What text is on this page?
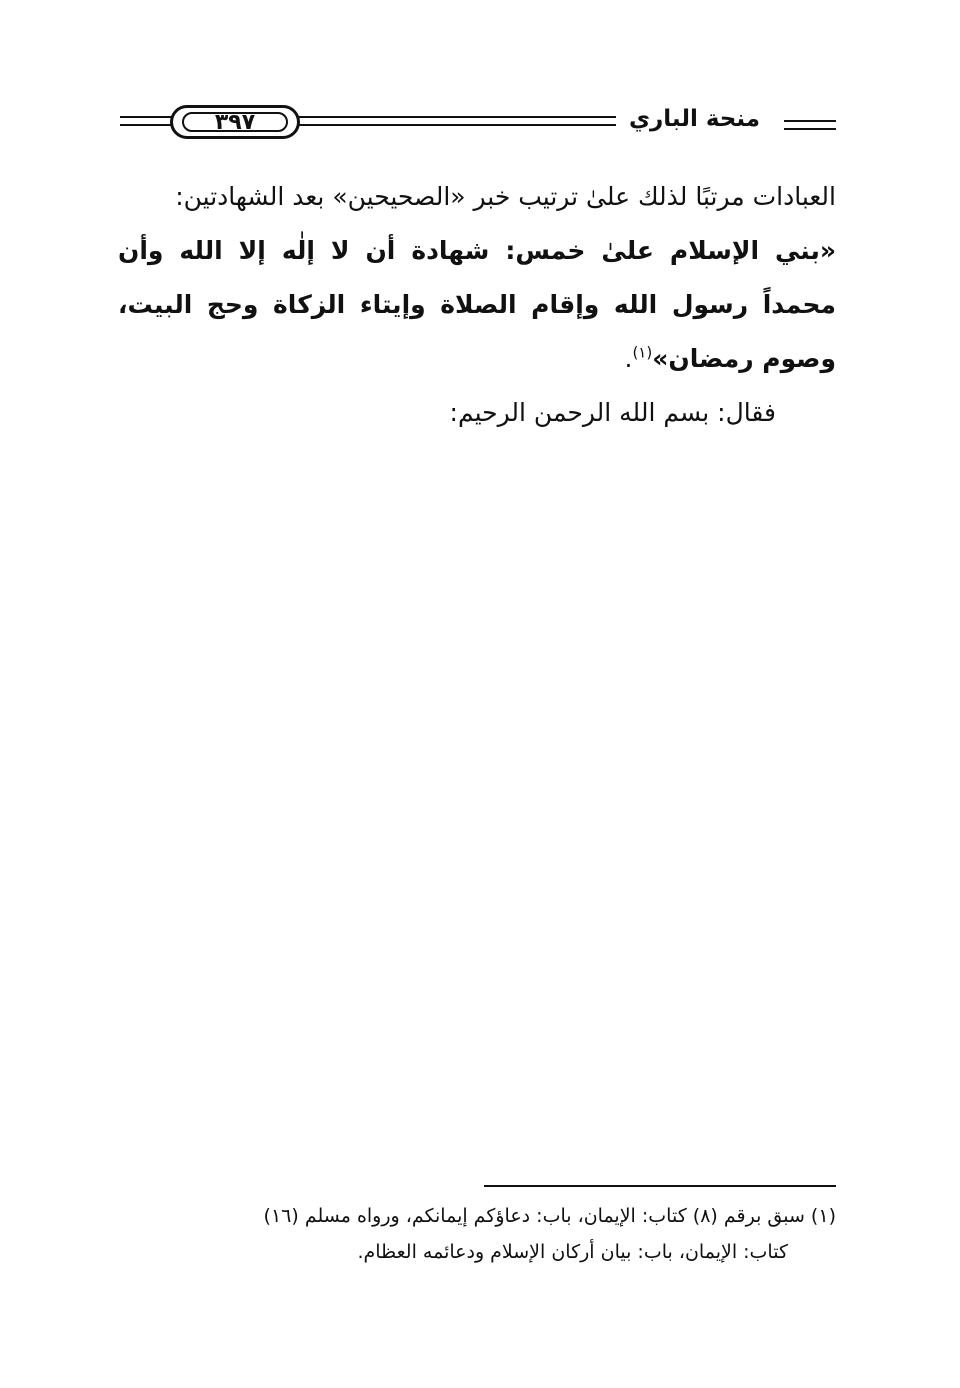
٣٩٧	منحة الباري

العبادات مرتبًا لذلك علىٰ ترتيب خبر «الصحيحين» بعد الشهادتين:

«بني الإسلام علىٰ خمس: شهادة أن لا إلٰه إلا الله وأن محمداً رسول الله وإقام الصلاة وإيتاء الزكاة وحج البيت، وصوم رمضان»$^{(١)}$.

فقال: بسم الله الرحمن الرحيم:

(١) سبق برقم (٨) كتاب: الإيمان، باب: دعاؤكم إيمانكم، ورواه مسلم (١٦)

كتاب: الإيمان، باب: بيان أركان الإسلام ودعائمه العظام.
